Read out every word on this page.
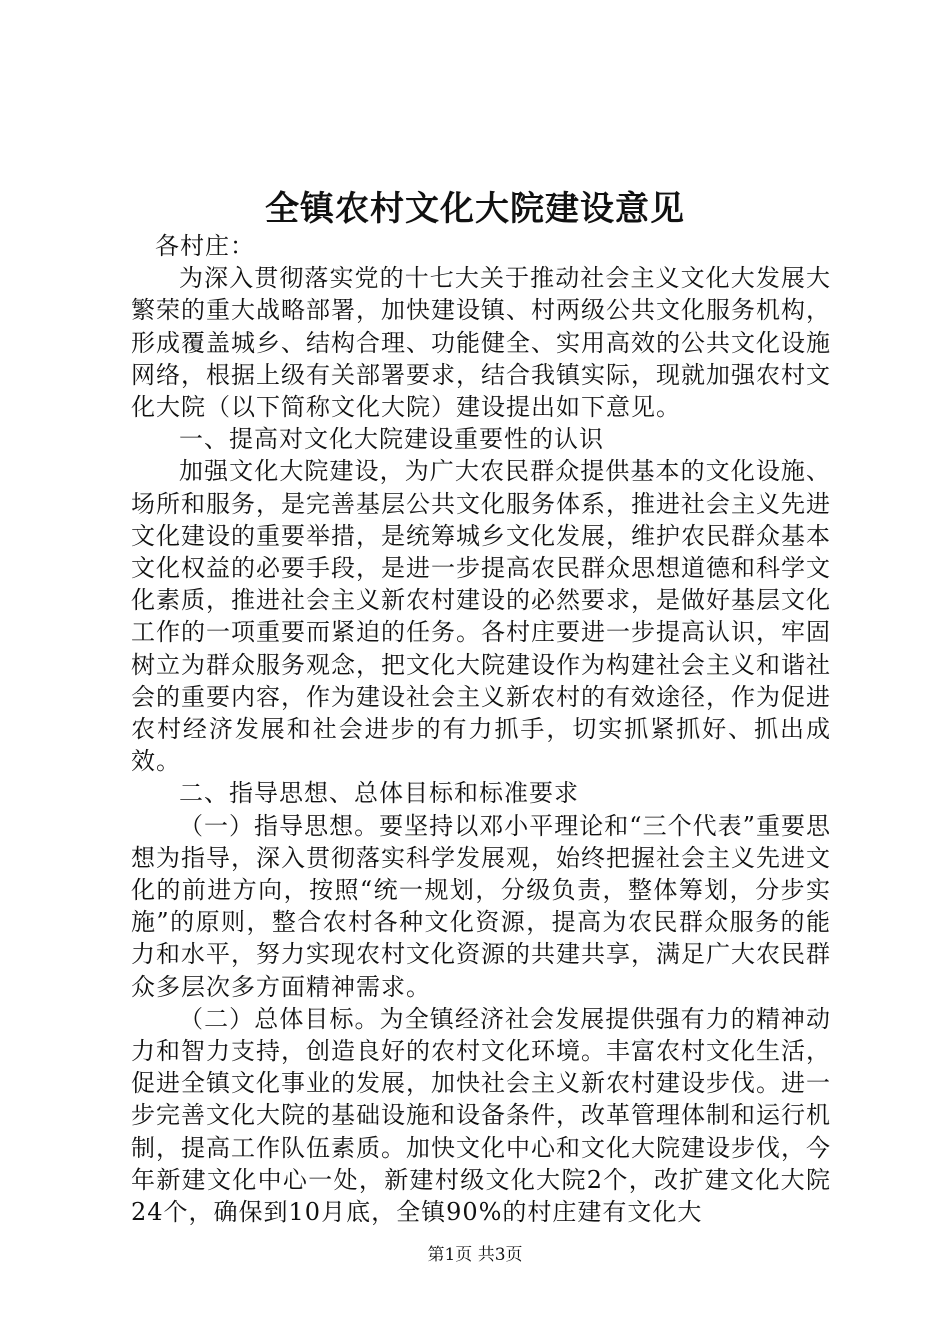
全镇农村文化大院建设意见

各村庄：

为深入贯彻落实党的十七大关于推动社会主义文化大发展大繁荣的重大战略部署，加快建设镇、村两级公共文化服务机构，形成覆盖城乡、结构合理、功能健全、实用高效的公共文化设施网络，根据上级有关部署要求，结合我镇实际，现就加强农村文化大院（以下简称文化大院）建设提出如下意见。

一、提高对文化大院建设重要性的认识

加强文化大院建设，为广大农民群众提供基本的文化设施、场所和服务，是完善基层公共文化服务体系，推进社会主义先进文化建设的重要举措，是统筹城乡文化发展，维护农民群众基本文化权益的必要手段，是进一步提高农民群众思想道德和科学文化素质，推进社会主义新农村建设的必然要求，是做好基层文化工作的一项重要而紧迫的任务。各村庄要进一步提高认识，牢固树立为群众服务观念，把文化大院建设作为构建社会主义和谐社会的重要内容，作为建设社会主义新农村的有效途径，作为促进农村经济发展和社会进步的有力抓手，切实抓紧抓好、抓出成效。

二、指导思想、总体目标和标准要求

（一）指导思想。要坚持以邓小平理论和“三个代表”重要思想为指导，深入贯彻落实科学发展观，始终把握社会主义先进文化的前进方向，按照“统一规划，分级负责，整体筹划，分步实施”的原则，整合农村各种文化资源，提高为农民群众服务的能力和水平，努力实现农村文化资源的共建共享，满足广大农民群众多层次多方面精神需求。

（二）总体目标。为全镇经济社会发展提供强有力的精神动力和智力支持，创造良好的农村文化环境。丰富农村文化生活，促进全镇文化事业的发展，加快社会主义新农村建设步伐。进一步完善文化大院的基础设施和设备条件，改革管理体制和运行机制，提高工作队伍素质。加快文化中心和文化大院建设步伐，今年新建文化中心一处，新建村级文化大院2个，改扩建文化大院24个，确保到10月底，全镇90%的村庄建有文化大

第1页 共3页
